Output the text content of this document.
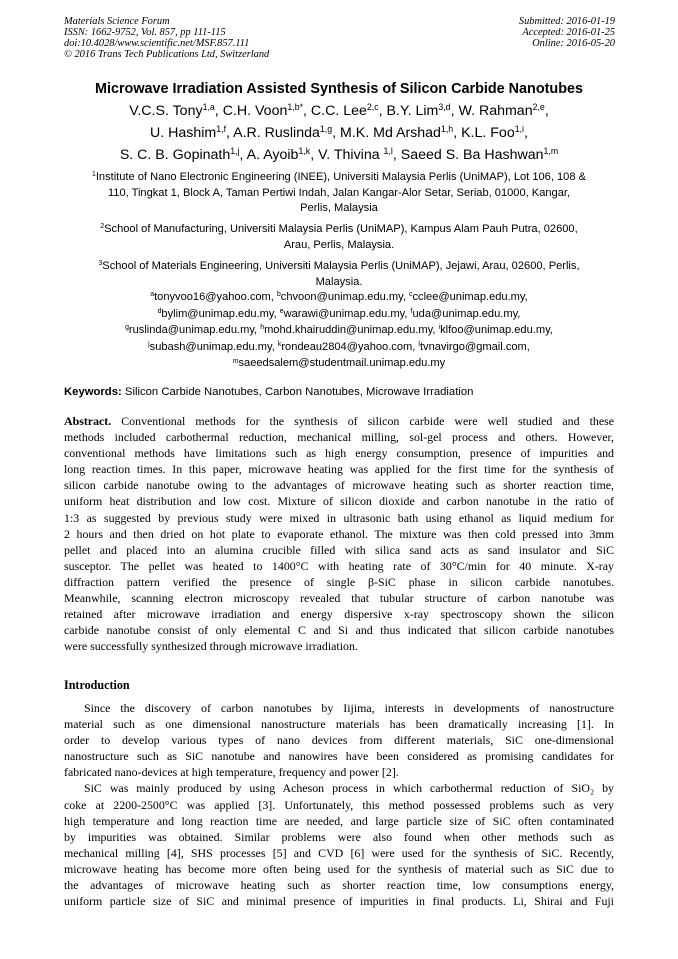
Materials Science Forum
ISSN: 1662-9752, Vol. 857, pp 111-115
doi:10.4028/www.scientific.net/MSF.857.111
© 2016 Trans Tech Publications Ltd, Switzerland
Submitted: 2016-01-19
Accepted: 2016-01-25
Online: 2016-05-20
Microwave Irradiation Assisted Synthesis of Silicon Carbide Nanotubes
V.C.S. Tony$^{1,a}$, C.H. Voon$^{1,b*}$, C.C. Lee$^{2,c}$, B.Y. Lim$^{3,d}$, W. Rahman$^{2,e}$,
U. Hashim$^{1,f}$, A.R. Ruslinda$^{1,g}$, M.K. Md Arshad$^{1,h}$, K.L. Foo$^{1,i}$,
S. C. B. Gopinath$^{1,j}$, A. Ayoib$^{1,k}$, V. Thivina $^{1,l}$, Saeed S. Ba Hashwan$^{1,m}$
$^1$Institute of Nano Electronic Engineering (INEE), Universiti Malaysia Perlis (UniMAP), Lot 106, 108 &
110, Tingkat 1, Block A, Taman Pertiwi Indah, Jalan Kangar-Alor Setar, Seriab, 01000, Kangar,
Perlis, Malaysia
$^2$School of Manufacturing, Universiti Malaysia Perlis (UniMAP), Kampus Alam Pauh Putra, 02600,
Arau, Perlis, Malaysia.
$^3$School of Materials Engineering, Universiti Malaysia Perlis (UniMAP), Jejawi, Arau, 02600, Perlis,
Malaysia.
$^a$tonyvoo16@yahoo.com, $^b$chvoon@unimap.edu.my, $^c$cclee@unimap.edu.my,
$^d$bylim@unimap.edu.my, $^e$warawi@unimap.edu.my, $^f$uda@unimap.edu.my,
$^g$ruslinda@unimap.edu.my, $^h$mohd.khairuddin@unimap.edu.my, $^i$klfoo@unimap.edu.my,
$^j$subash@unimap.edu.my, $^k$rondeau2804@yahoo.com, $^l$tvnavirgo@gmail.com,
$^m$saeedsalem@studentmail.unimap.edu.my
Keywords: Silicon Carbide Nanotubes, Carbon Nanotubes, Microwave Irradiation
Abstract. Conventional methods for the synthesis of silicon carbide were well studied and these
methods included carbothermal reduction, mechanical milling, sol-gel process and others. However,
conventional methods have limitations such as high energy consumption, presence of impurities and
long reaction times. In this paper, microwave heating was applied for the first time for the synthesis of
silicon carbide nanotube owing to the advantages of microwave heating such as shorter reaction time,
uniform heat distribution and low cost. Mixture of silicon dioxide and carbon nanotube in the ratio of
1:3 as suggested by previous study were mixed in ultrasonic bath using ethanol as liquid medium for
2 hours and then dried on hot plate to evaporate ethanol. The mixture was then cold pressed into 3mm
pellet and placed into an alumina crucible filled with silica sand acts as sand insulator and SiC
susceptor. The pellet was heated to 1400°C with heating rate of 30°C/min for 40 minute. X-ray
diffraction pattern verified the presence of single β-SiC phase in silicon carbide nanotubes.
Meanwhile, scanning electron microscopy revealed that tubular structure of carbon nanotube was
retained after microwave irradiation and energy dispersive x-ray spectroscopy shown the silicon
carbide nanotube consist of only elemental C and Si and thus indicated that silicon carbide nanotubes
were successfully synthesized through microwave irradiation.
Introduction
Since the discovery of carbon nanotubes by Iijima, interests in developments of nanostructure
material such as one dimensional nanostructure materials has been dramatically increasing [1]. In
order to develop various types of nano devices from different materials, SiC one-dimensional
nanostructure such as SiC nanotube and nanowires have been considered as promising candidates for
fabricated nano-devices at high temperature, frequency and power [2].
SiC was mainly produced by using Acheson process in which carbothermal reduction of SiO₂ by
coke at 2200-2500°C was applied [3]. Unfortunately, this method possessed problems such as very
high temperature and long reaction time are needed, and large particle size of SiC often contaminated
by impurities was obtained. Similar problems were also found when other methods such as
mechanical milling [4], SHS processes [5] and CVD [6] were used for the synthesis of SiC. Recently,
microwave heating has become more often being used for the synthesis of material such as SiC due to
the advantages of microwave heating such as shorter reaction time, low consumptions energy,
uniform particle size of SiC and minimal presence of impurities in final products. Li, Shirai and Fuji
